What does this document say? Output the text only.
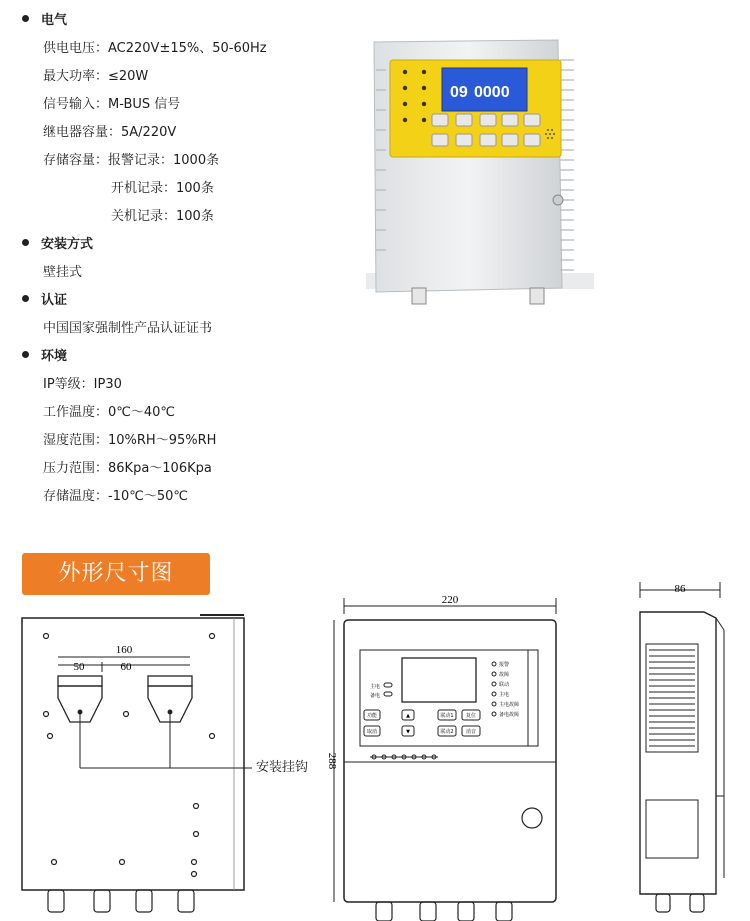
电气
供电电压：AC220V±15%、50-60Hz
最大功率：≤20W
信号输入：M-BUS 信号
继电器容量：5A/220V
存储容量：报警记录：1000条
开机记录：100条
关机记录：100条
安装方式
壁挂式
认证
中国国家强制性产品认证证书
环境
IP等级：IP30
工作温度：0℃～40℃
湿度范围：10%RH～95%RH
压力范围：86Kpa～106Kpa
存储温度：-10℃～50℃
09 0000
外形尺寸图
160
50	60
安装挂钩
220
288
主电
备电
报警
故障
联动
主电
主电故障
备电故障
功能	▲	联动1 复位
取消	▼	联动2 消音
86
